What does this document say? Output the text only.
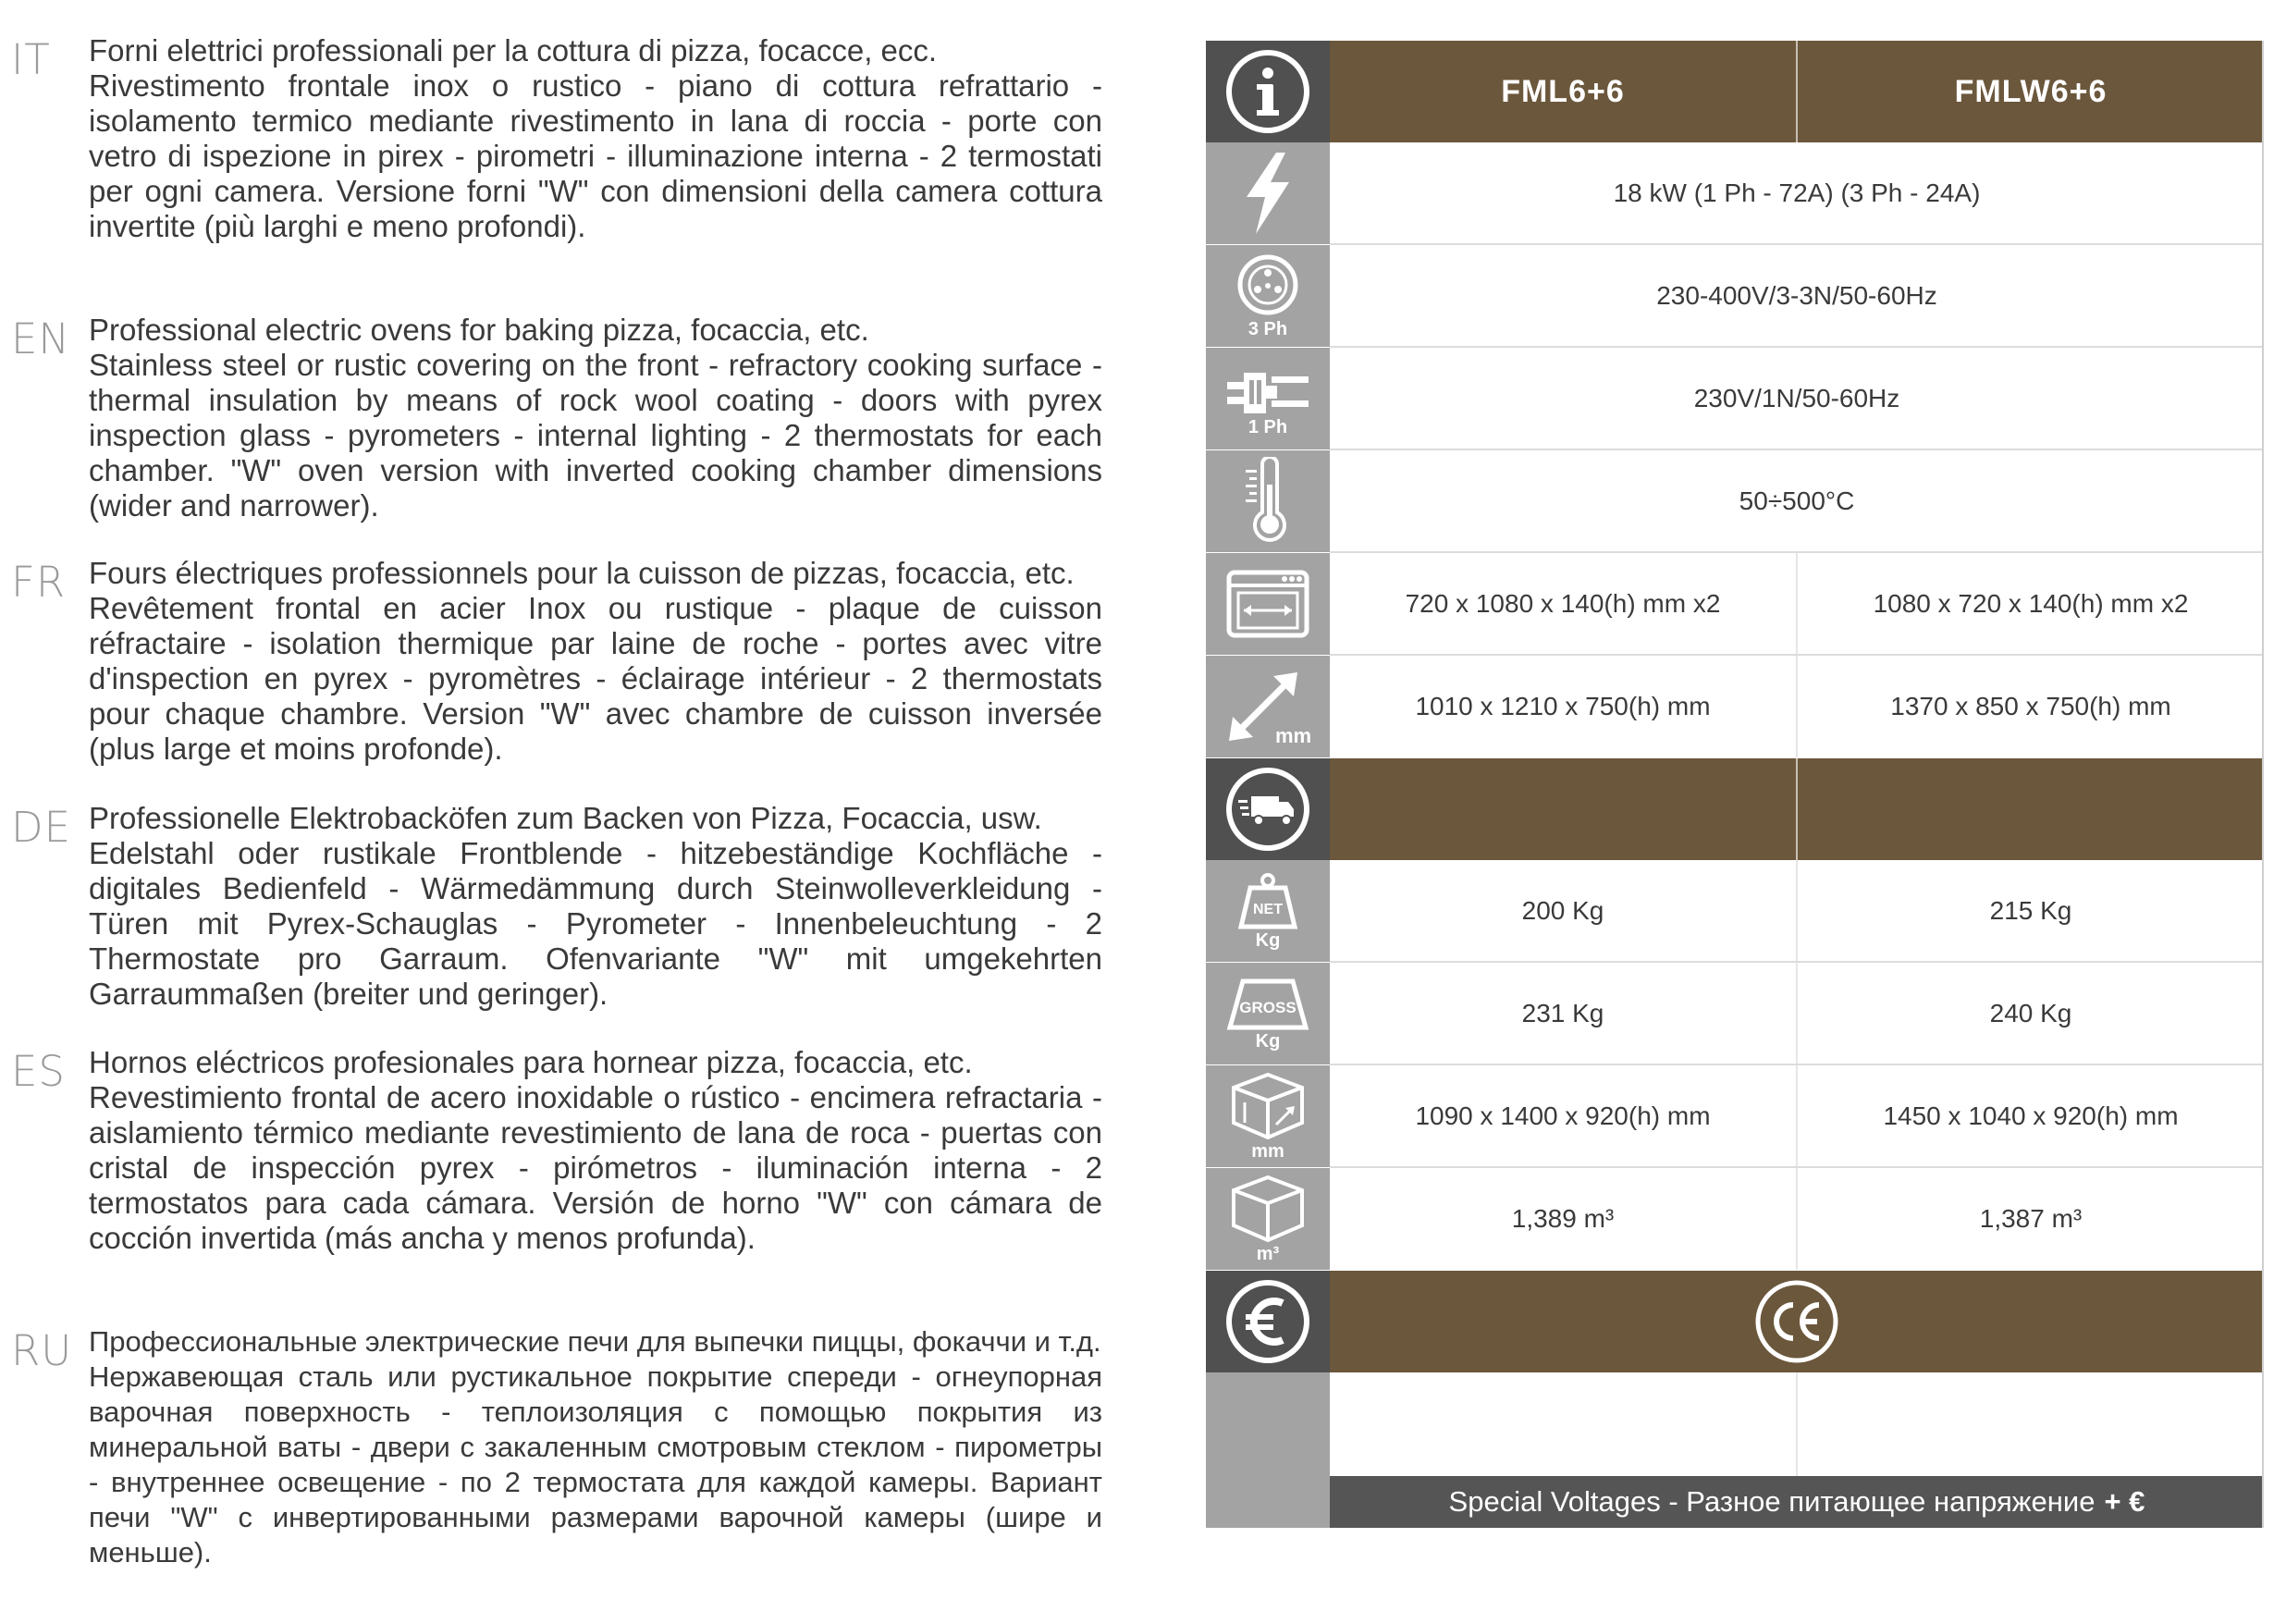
IT Forni elettrici professionali per la cottura di pizza, focacce, ecc.

Rivestimento frontale inox o rustico - piano di cottura refrattario - isolamento termico mediante rivestimento in lana di roccia - porte con vetro di ispezione in pirex - pirometri - illuminazione interna - 2 termostati per ogni camera. Versione forni "W" con dimensioni della camera cottura invertite (più larghi e meno profondi).

EN Professional electric ovens for baking pizza, focaccia, etc.

Stainless steel or rustic covering on the front - refractory cooking surface - thermal insulation by means of rock wool coating - doors with pyrex inspection glass - pyrometers - internal lighting - 2 thermostats for each chamber. "W" oven version with inverted cooking chamber dimensions (wider and narrower).

FR Fours électriques professionnels pour la cuisson de pizzas, focaccia, etc.

Revêtement frontal en acier Inox ou rustique - plaque de cuisson réfractaire - isolation thermique par laine de roche - portes avec vitre d'inspection en pyrex - pyromètres - éclairage intérieur - 2 thermostats pour chaque chambre. Version "W" avec chambre de cuisson inversée (plus large et moins profonde).

DE Professionelle Elektrobacköfen zum Backen von Pizza, Focaccia, usw.

Edelstahl oder rustikale Frontblende - hitzebeständige Kochfläche - digitales Bedienfeld - Wärmedämmung durch Steinwolleverkleidung - Türen mit Pyrex-Schauglas - Pyrometer - Innenbeleuchtung - 2 Thermostate pro Garraum. Ofenvariante "W" mit umgekehrten Garraummaßen (breiter und geringer).

ES Hornos eléctricos profesionales para hornear pizza, focaccia, etc.

Revestimiento frontal de acero inoxidable o rústico - encimera refractaria - aislamiento térmico mediante revestimiento de lana de roca - puertas con cristal de inspección pyrex - pirómetros - iluminación interna - 2 termostatos para cada cámara. Versión de horno "W" con cámara de cocción invertida (más ancha y menos profunda).

RU Профессиональные электрические печи для выпечки пиццы, фокаччи и т.д.

Нержавеющая сталь или рустикальное покрытие спереди - огнеупорная варочная поверхность - теплоизоляция с помощью покрытия из минеральной ваты - двери с закаленным смотровым стеклом - пирометры - внутреннее освещение - по 2 термостата для каждой камеры. Вариант печи "W" с инвертированными размерами варочной камеры (шире и меньше).

FML6+6	FMLW6+6
18 kW (1 Ph - 72A) (3 Ph - 24A)
3 Ph
230-400V/3-3N/50-60Hz
1 Ph
230V/1N/50-60Hz
50÷500°C
720 x 1080 x 140(h) mm x2	1080 x 720 x 140(h) mm x2
mm
1010 x 1210 x 750(h) mm	1370 x 850 x 750(h) mm
NET
Kg
200 Kg	215 Kg
GROSS
Kg
231 Kg	240 Kg
mm
1090 x 1400 x 920(h) mm	1450 x 1040 x 920(h) mm
m³
1,389 m³	1,387 m³
Special Voltages - Разное питающее напряжение + €
